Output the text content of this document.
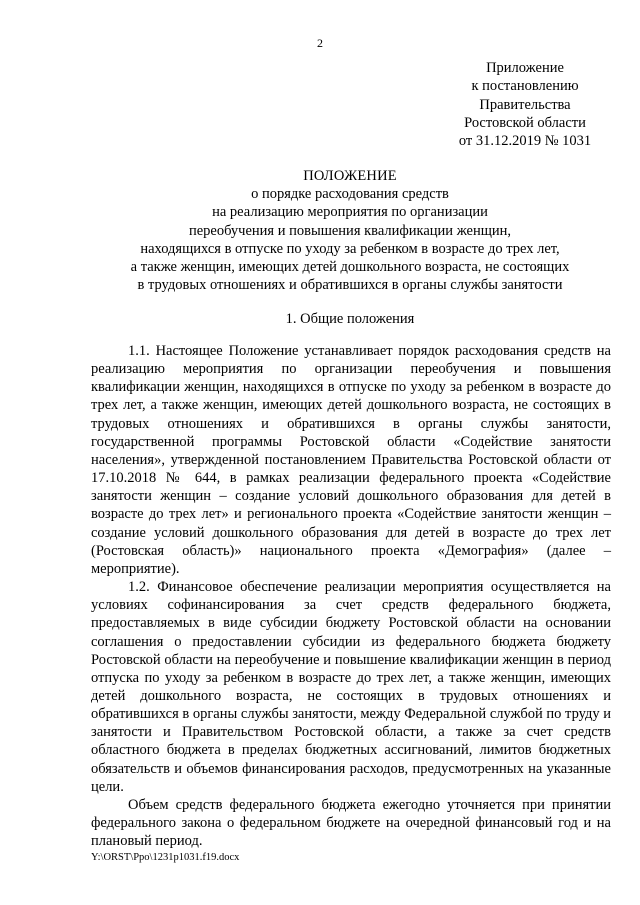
2
Приложение
к постановлению
Правительства
Ростовской области
от 31.12.2019 № 1031
ПОЛОЖЕНИЕ
о порядке расходования средств
на реализацию мероприятия по организации
переобучения и повышения квалификации женщин,
находящихся в отпуске по уходу за ребенком в возрасте до трех лет,
а также женщин, имеющих детей дошкольного возраста, не состоящих
в трудовых отношениях и обратившихся в органы службы занятости
1. Общие положения

1.1. Настоящее Положение устанавливает порядок расходования средств на реализацию мероприятия по организации переобучения и повышения квалификации женщин, находящихся в отпуске по уходу за ребенком в возрасте до трех лет, а также женщин, имеющих детей дошкольного возраста, не состоящих в трудовых отношениях и обратившихся в органы службы занятости, государственной программы Ростовской области «Содействие занятости населения», утвержденной постановлением Правительства Ростовской области от 17.10.2018 № 644, в рамках реализации федерального проекта «Содействие занятости женщин – создание условий дошкольного образования для детей в возрасте до трех лет» и регионального проекта «Содействие занятости женщин – создание условий дошкольного образования для детей в возрасте до трех лет (Ростовская область)» национального проекта «Демография» (далее – мероприятие).

1.2. Финансовое обеспечение реализации мероприятия осуществляется на условиях софинансирования за счет средств федерального бюджета, предоставляемых в виде субсидии бюджету Ростовской области на основании соглашения о предоставлении субсидии из федерального бюджета бюджету Ростовской области на переобучение и повышение квалификации женщин в период отпуска по уходу за ребенком в возрасте до трех лет, а также женщин, имеющих детей дошкольного возраста, не состоящих в трудовых отношениях и обратившихся в органы службы занятости, между Федеральной службой по труду и занятости и Правительством Ростовской области, а также за счет средств областного бюджета в пределах бюджетных ассигнований, лимитов бюджетных обязательств и объемов финансирования расходов, предусмотренных на указанные цели.

Объем средств федерального бюджета ежегодно уточняется при принятии федерального закона о федеральном бюджете на очередной финансовый год и на плановый период.

Y:\ORST\Ppo\1231p1031.f19.docx
